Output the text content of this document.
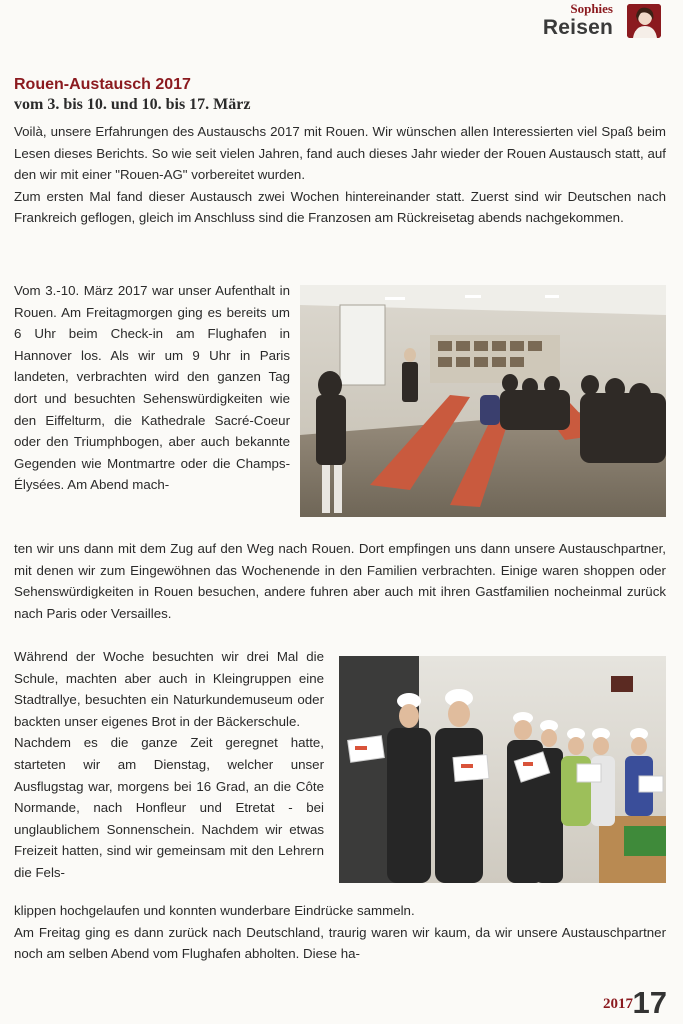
Sophies
Reisen
Rouen-Austausch 2017
vom 3. bis 10. und 10. bis 17. März

Voilà, unsere Erfahrungen des Austauschs 2017 mit Rouen. Wir wünschen allen Interessierten viel Spaß beim Lesen dieses Berichts. So wie seit vielen Jahren, fand auch dieses Jahr wieder der Rouen Austausch statt, auf den wir mit einer "Rouen-AG" vorbereitet wurden.

Zum ersten Mal fand dieser Austausch zwei Wochen hintereinander statt. Zuerst sind wir Deutschen nach Frankreich geflogen, gleich im Anschluss sind die Franzosen am Rückreisetag abends nachgekommen.

Vom 3.-10. März 2017 war unser Aufenthalt in Rouen. Am Freitagmorgen ging es bereits um 6 Uhr beim Check-in am Flughafen in Hannover los. Als wir um 9 Uhr in Paris landeten, verbrachten wird den ganzen Tag dort und besuchten Sehenswürdigkeiten wie den Eiffelturm, die Kathedrale Sacré-Coeur oder den Triumphbogen, aber auch bekannte Gegenden wie Montmartre oder die Champs-Élysées. Am Abend mach-

ten wir uns dann mit dem Zug auf den Weg nach Rouen. Dort empfingen uns dann unsere Austauschpartner, mit denen wir zum Eingewöhnen das Wochenende in den Familien verbrachten. Einige waren shoppen oder Sehenswürdigkeiten in Rouen besuchen, andere fuhren aber auch mit ihren Gastfamilien nocheinmal zurück nach Paris oder Versailles.

Während der Woche besuchten wir drei Mal die Schule, machten aber auch in Kleingruppen eine Stadtrallye, besuchten ein Naturkundemuseum oder backten unser eigenes Brot in der Bäckerschule.

Nachdem es die ganze Zeit geregnet hatte, starteten wir am Dienstag, welcher unser Ausflugstag war, morgens bei 16 Grad, an die Côte Normande, nach Honfleur und Etretat - bei unglaublichem Sonnenschein. Nachdem wir etwas Freizeit hatten, sind wir gemeinsam mit den Lehrern die Fels-

klippen hochgelaufen und konnten wunderbare Eindrücke sammeln.

Am Freitag ging es dann zurück nach Deutschland, traurig waren wir kaum, da wir unsere Austauschpartner noch am selben Abend vom Flughafen abholten. Diese ha-

2017 17
